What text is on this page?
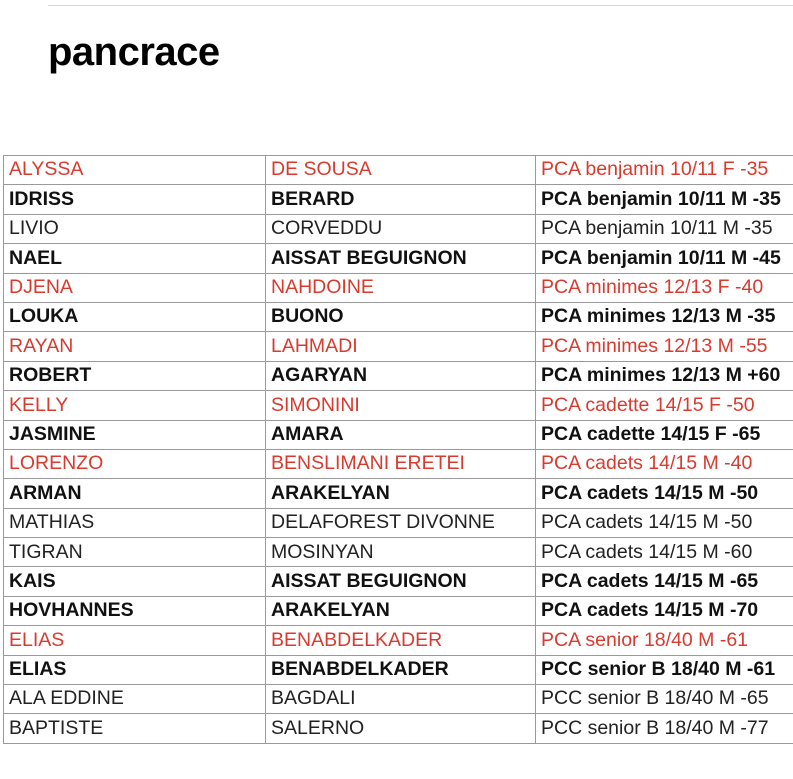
pancrace
ALYSSA	DE SOUSA	PCA benjamin 10/11 F -35
IDRISS	BERARD	PCA benjamin 10/11 M -35
LIVIO	CORVEDDU	PCA benjamin 10/11 M -35
NAEL	AISSAT BEGUIGNON	PCA benjamin 10/11 M -45
DJENA	NAHDOINE	PCA minimes 12/13 F -40
LOUKA	BUONO	PCA minimes 12/13 M -35
RAYAN	LAHMADI	PCA minimes 12/13 M -55
ROBERT	AGARYAN	PCA minimes 12/13 M +60
KELLY	SIMONINI	PCA cadette 14/15 F -50
JASMINE	AMARA	PCA cadette 14/15 F -65
LORENZO	BENSLIMANI ERETEI	PCA cadets 14/15 M -40
ARMAN	ARAKELYAN	PCA cadets 14/15 M -50
MATHIAS	DELAFOREST DIVONNE	PCA cadets 14/15 M -50
TIGRAN	MOSINYAN	PCA cadets 14/15 M -60
KAIS	AISSAT BEGUIGNON	PCA cadets 14/15 M -65
HOVHANNES	ARAKELYAN	PCA cadets 14/15 M -70
ELIAS	BENABDELKADER	PCA senior 18/40 M -61
ELIAS	BENABDELKADER	PCC senior B 18/40 M -61
ALA EDDINE	BAGDALI	PCC senior B 18/40 M -65
BAPTISTE	SALERNO	PCC senior B 18/40 M -77
